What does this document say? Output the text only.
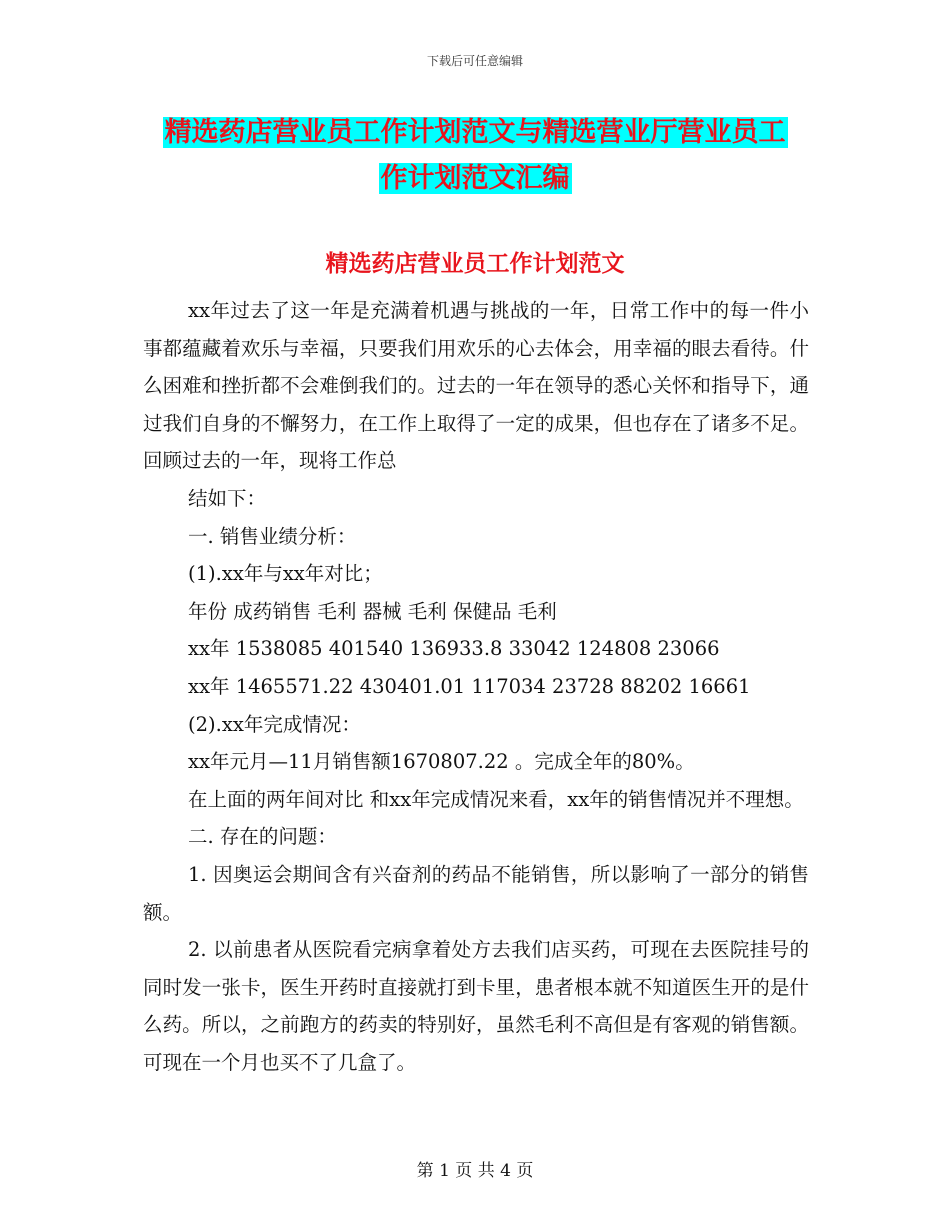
下载后可任意编辑
精选药店营业员工作计划范文与精选营业厅营业员工
作计划范文汇编
精选药店营业员工作计划范文

xx年过去了这一年是充满着机遇与挑战的一年，日常工作中的每一件小事都蕴藏着欢乐与幸福，只要我们用欢乐的心去体会，用幸福的眼去看待。什么困难和挫折都不会难倒我们的。过去的一年在领导的悉心关怀和指导下，通过我们自身的不懈努力，在工作上取得了一定的成果，但也存在了诸多不足。回顾过去的一年，现将工作总

结如下：

一. 销售业绩分析：

(1).xx年与xx年对比；

年份 成药销售 毛利 器械 毛利 保健品 毛利

xx年 1538085 401540 136933.8 33042 124808 23066

xx年 1465571.22 430401.01 117034 23728 88202 16661

(2).xx年完成情况：

xx年元月—11月销售额1670807.22 。完成全年的80%。

在上面的两年间对比 和xx年完成情况来看，xx年的销售情况并不理想。

二. 存在的问题：

1. 因奥运会期间含有兴奋剂的药品不能销售，所以影响了一部分的销售额。

2. 以前患者从医院看完病拿着处方去我们店买药，可现在去医院挂号的同时发一张卡，医生开药时直接就打到卡里，患者根本就不知道医生开的是什么药。所以，之前跑方的药卖的特别好，虽然毛利不高但是有客观的销售额。可现在一个月也买不了几盒了。

第 1 页 共 4 页
